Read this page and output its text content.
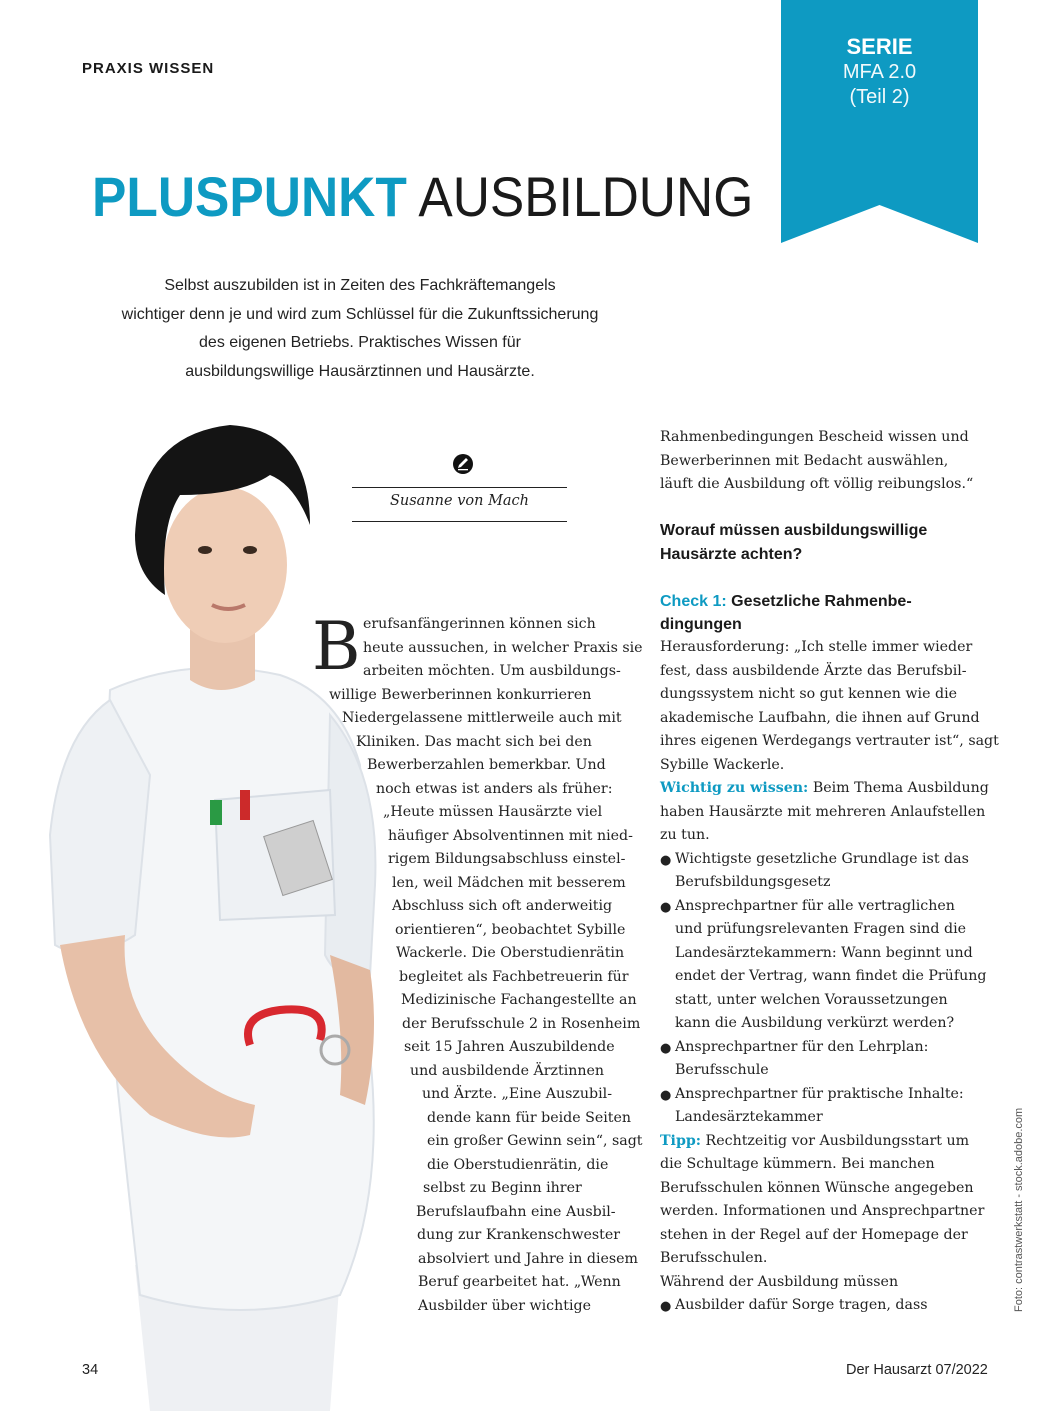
PRAXIS WISSEN
SERIE
MFA 2.0
(Teil 2)
PLUSPUNKT AUSBILDUNG
Selbst auszubilden ist in Zeiten des Fachkräftemangels
wichtiger denn je und wird zum Schlüssel für die Zukunftssicherung
des eigenen Betriebs. Praktisches Wissen für
ausbildungswillige Hausärztinnen und Hausärzte.
Susanne von Mach
B erufsanfängerinnen können sich
heute aussuchen, in welcher Praxis sie
arbeiten möchten. Um ausbildungs-
willige Bewerberinnen konkurrieren
Niedergelassene mittlerweile auch mit
Kliniken. Das macht sich bei den
Bewerberzahlen bemerkbar. Und
noch etwas ist anders als früher:
„Heute müssen Hausärzte viel
häufiger Absolventinnen mit nied-
rigem Bildungsabschluss einstel-
len, weil Mädchen mit besserem
Abschluss sich oft anderweitig
orientieren“, beobachtet Sybille
Wackerle. Die Oberstudienrätin
begleitet als Fachbetreuerin für
Medizinische Fachangestellte an
der Berufsschule 2 in Rosenheim
seit 15 Jahren Auszubildende
und ausbildende Ärztinnen
und Ärzte. „Eine Auszubil-
dende kann für beide Seiten
ein großer Gewinn sein“, sagt
die Oberstudienrätin, die
selbst zu Beginn ihrer
Berufslaufbahn eine Ausbil-
dung zur Krankenschwester
absolviert und Jahre in diesem
Beruf gearbeitet hat. „Wenn
Ausbilder über wichtige
Rahmenbedingungen Bescheid wissen und
Bewerberinnen mit Bedacht auswählen,
läuft die Ausbildung oft völlig reibungslos.“
Worauf müssen ausbildungswillige
Hausärzte achten?
Check 1: Gesetzliche Rahmenbe-
dingungen
Herausforderung: „Ich stelle immer wieder
fest, dass ausbildende Ärzte das Berufsbil-
dungssystem nicht so gut kennen wie die
akademische Laufbahn, die ihnen auf Grund
ihres eigenen Werdegangs vertrauter ist“, sagt
Sybille Wackerle.
Wichtig zu wissen: Beim Thema Ausbildung
haben Hausärzte mit mehreren Anlaufstellen
zu tun.
● Wichtigste gesetzliche Grundlage ist das
Berufsbildungsgesetz
● Ansprechpartner für alle vertraglichen
und prüfungsrelevanten Fragen sind die
Landesärztekammern: Wann beginnt und
endet der Vertrag, wann findet die Prüfung
statt, unter welchen Voraussetzungen
kann die Ausbildung verkürzt werden?
● Ansprechpartner für den Lehrplan:
Berufsschule
● Ansprechpartner für praktische Inhalte:
Landesärztekammer
Tipp: Rechtzeitig vor Ausbildungsstart um
die Schultage kümmern. Bei manchen
Berufsschulen können Wünsche angegeben
werden. Informationen und Ansprechpartner
stehen in der Regel auf der Homepage der
Berufsschulen.
Während der Ausbildung müssen
● Ausbilder dafür Sorge tragen, dass
34	Der Hausarzt 07/2022
Foto: contrastwerkstatt - stock.adobe.com
